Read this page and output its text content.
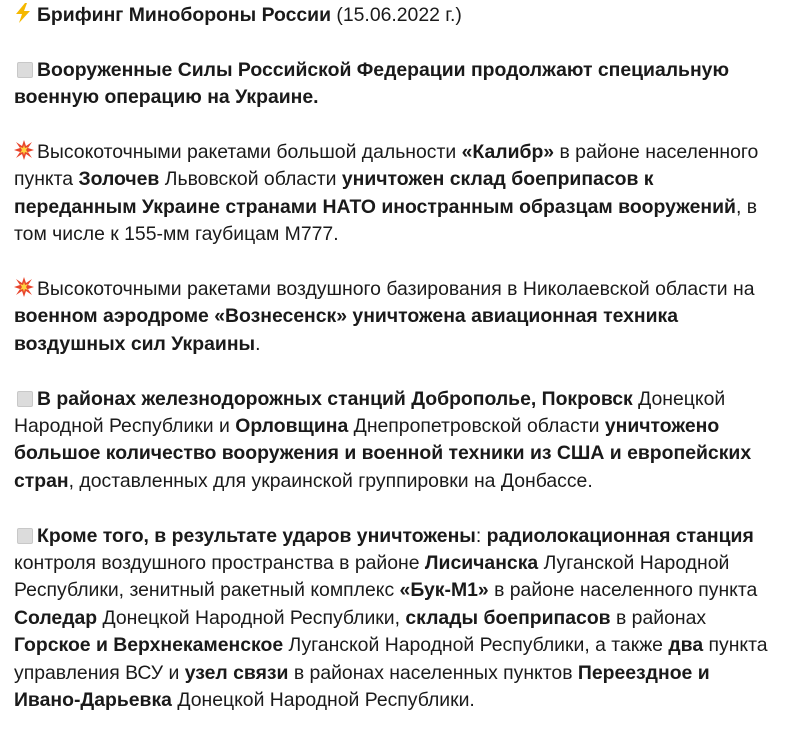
Брифинг Минобороны России (15.06.2022 г.)

Вооруженные Силы Российской Федерации продолжают специальную военную операцию на Украине.

Высокоточными ракетами большой дальности «Калибр» в районе населенного пункта Золочев Львовской области уничтожен склад боеприпасов к переданным Украине странами НАТО иностранным образцам вооружений, в том числе к 155-мм гаубицам М777.

Высокоточными ракетами воздушного базирования в Николаевской области на военном аэродроме «Вознесенск» уничтожена авиационная техника воздушных сил Украины.

В районах железнодорожных станций Доброполье, Покровск Донецкой Народной Республики и Орловщина Днепропетровской области уничтожено большое количество вооружения и военной техники из США и европейских стран, доставленных для украинской группировки на Донбассе.

Кроме того, в результате ударов уничтожены: радиолокационная станция контроля воздушного пространства в районе Лисичанска Луганской Народной Республики, зенитный ракетный комплекс «Бук-М1» в районе населенного пункта Соледар Донецкой Народной Республики, склады боеприпасов в районах Горское и Верхнекаменское Луганской Народной Республики, а также два пункта управления ВСУ и узел связи в районах населенных пунктов Переездное и Ивано-Дарьевка Донецкой Народной Республики.
